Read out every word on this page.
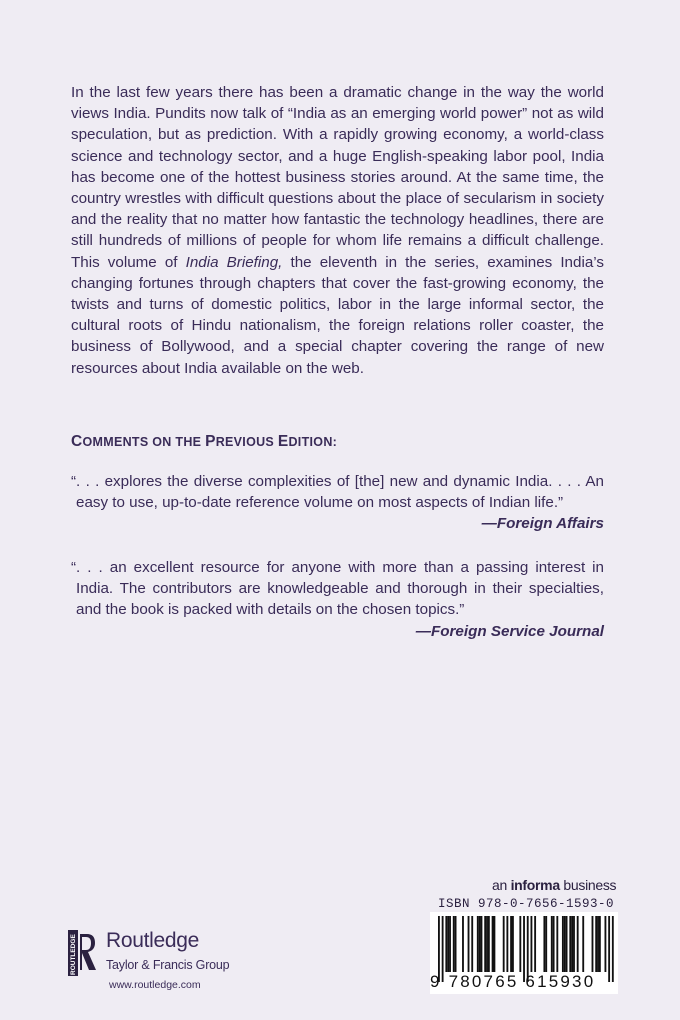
In the last few years there has been a dramatic change in the way the world views India. Pundits now talk of “India as an emerging world power” not as wild speculation, but as prediction. With a rapidly growing economy, a world-class science and technology sector, and a huge English-speaking labor pool, India has become one of the hottest business stories around. At the same time, the country wrestles with difficult questions about the place of secularism in society and the reality that no matter how fantastic the technology headlines, there are still hundreds of millions of people for whom life remains a difficult challenge. This volume of India Briefing, the eleventh in the series, examines India’s changing fortunes through chapters that cover the fast-growing economy, the twists and turns of domestic politics, labor in the large informal sector, the cultural roots of Hindu nationalism, the foreign relations roller coaster, the business of Bollywood, and a special chapter covering the range of new resources about India available on the web.

COMMENTS ON THE PREVIOUS EDITION:

“. . . explores the diverse complexities of [the] new and dynamic India. . . . An easy to use, up-to-date reference volume on most aspects of Indian life.”

—Foreign Affairs

“. . . an excellent resource for anyone with more than a passing interest in India. The contributors are knowledgeable and thorough in their specialties, and the book is packed with details on the chosen topics.”

—Foreign Service Journal

ROUTLEDGE Routledge
Taylor & Francis Group
www.routledge.com
an informa business
ISBN 978-0-7656-1593-0
9 780765 615930
